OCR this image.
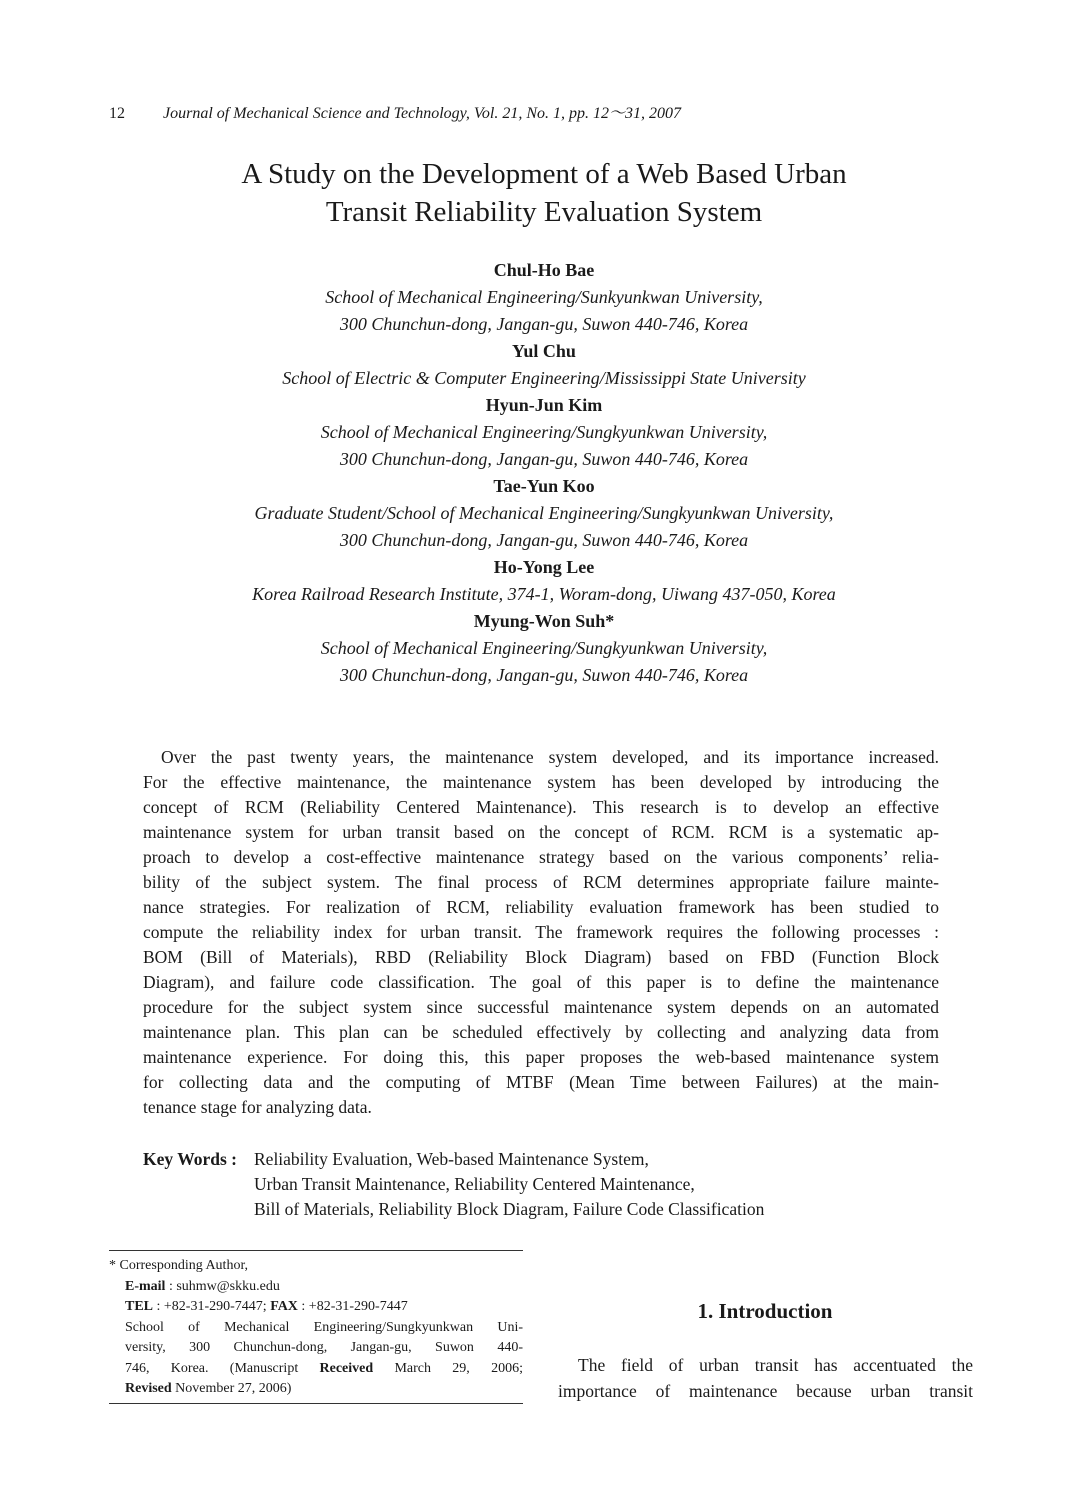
12 Journal of Mechanical Science and Technology, Vol. 21, No. 1, pp. 12～31, 2007
A Study on the Development of a Web Based Urban
Transit Reliability Evaluation System
Chul-Ho Bae
School of Mechanical Engineering/Sunkyunkwan University,
300 Chunchun-dong, Jangan-gu, Suwon 440-746, Korea
Yul Chu
School of Electric & Computer Engineering/Mississippi State University
Hyun-Jun Kim
School of Mechanical Engineering/Sungkyunkwan University,
300 Chunchun-dong, Jangan-gu, Suwon 440-746, Korea
Tae-Yun Koo
Graduate Student/School of Mechanical Engineering/Sungkyunkwan University,
300 Chunchun-dong, Jangan-gu, Suwon 440-746, Korea
Ho-Yong Lee
Korea Railroad Research Institute, 374-1, Woram-dong, Uiwang 437-050, Korea
Myung-Won Suh*
School of Mechanical Engineering/Sungkyunkwan University,
300 Chunchun-dong, Jangan-gu, Suwon 440-746, Korea
Over the past twenty years, the maintenance system developed, and its importance increased.
For the effective maintenance, the maintenance system has been developed by introducing the
concept of RCM (Reliability Centered Maintenance). This research is to develop an effective
maintenance system for urban transit based on the concept of RCM. RCM is a systematic ap-
proach to develop a cost-effective maintenance strategy based on the various components’ relia-
bility of the subject system. The final process of RCM determines appropriate failure mainte-
nance strategies. For realization of RCM, reliability evaluation framework has been studied to
compute the reliability index for urban transit. The framework requires the following processes :
BOM (Bill of Materials), RBD (Reliability Block Diagram) based on FBD (Function Block
Diagram), and failure code classification. The goal of this paper is to define the maintenance
procedure for the subject system since successful maintenance system depends on an automated
maintenance plan. This plan can be scheduled effectively by collecting and analyzing data from
maintenance experience. For doing this, this paper proposes the web-based maintenance system
for collecting data and the computing of MTBF (Mean Time between Failures) at the main-
tenance stage for analyzing data.
Key Words : Reliability Evaluation, Web-based Maintenance System,
Urban Transit Maintenance, Reliability Centered Maintenance,
Bill of Materials, Reliability Block Diagram, Failure Code Classification
* Corresponding Author,
E-mail : suhmw@skku.edu
TEL : +82-31-290-7447; FAX : +82-31-290-7447
School of Mechanical Engineering/Sungkyunkwan Uni-
versity, 300 Chunchun-dong, Jangan-gu, Suwon 440-
746, Korea. (Manuscript Received March 29, 2006;
Revised November 27, 2006)
1. Introduction
The field of urban transit has accentuated the
importance of maintenance because urban transit
